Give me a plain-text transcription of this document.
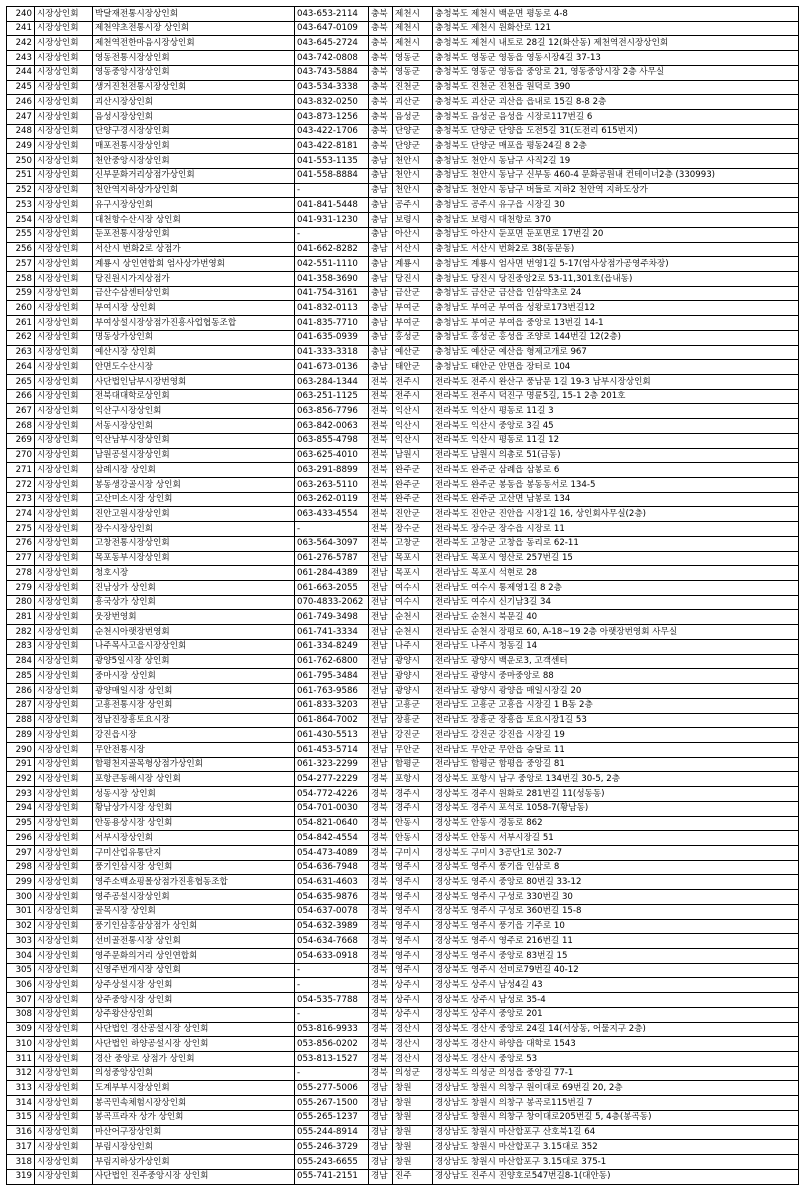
240	시장상인회	박달재전통시장상인회	043-653-2114	충북	제천시	충청북도 제천시 백운면 평동로 4-8
241	시장상인회	제천약초전통시장 상인회	043-647-0109	충북	제천시	충청북도 제천시 원화산로 121
242	시장상인회	제천역전한마음시장상인회	043-645-2724	충북	제천시	충청북도 제천시 내토로 28길 12(화산동) 제천역전시장상인회
243	시장상인회	영동전통시장상인회	043-742-0808	충북	영동군	충청북도 영동군 영동읍 영동시장4길 37-13
244	시장상인회	영동중앙시장상인회	043-743-5884	충북	영동군	충청북도 영동군 영동읍 중앙로 21, 영동중앙시장 2층 사무실
245	시장상인회	생거진천전통시장상인회	043-534-3338	충북	진천군	충청북도 진천군 진천읍 원덕로 390
246	시장상인회	괴산시장상인회	043-832-0250	충북	괴산군	충청북도 괴산군 괴산읍 읍내로 15길 8-8 2층
247	시장상인회	음성시장상인회	043-873-1256	충북	음성군	충청북도 음성군 음성읍 시장로117번길 6
248	시장상인회	단양구경시장상인회	043-422-1706	충북	단양군	충청북도 단양군 단양읍 도전5길 31(도전리 615번지)
249	시장상인회	매포전통시장상인회	043-422-8181	충북	단양군	충청북도 단양군 매포읍 평동24길 8 2층
250	시장상인회	천안중앙시장상인회	041-553-1135	충남	천안시	충청남도 천안시 동남구 사직2길 19
251	시장상인회	신부문화거리상점가상인회	041-558-8884	충남	천안시	충청남도 천안시 동남구 신부동 460-4 문화공원내 컨테이너2층 (330993)
252	시장상인회	천안역지하상가상인회	-	충남	천안시	충청남도 천안시 동남구 버들로 지하2 천안역 지하도상가
253	시장상인회	유구시장상인회	041-841-5448	충남	공주시	충청남도 공주시 유구읍 시장길 30
254	시장상인회	대천항수산시장 상인회	041-931-1230	충남	보령시	충청남도 보령시 대천항로 370
255	시장상인회	둔포전통시장상인회	-	충남	아산시	충청남도 아산시 둔포면 둔포면로 17번길 20
256	시장상인회	서산시 번화2로 상점가	041-662-8282	충남	서산시	충청남도 서산시 번화2로 38(동문동)
257	시장상인회	계룡시 상인연합회 엄사상가번영회	042-551-1110	충남	계룡시	충청남도 계룡시 엄사면 번영1길 5-17(엄사상점가공영주차장)
258	시장상인회	당진원시가지상점가	041-358-3690	충남	당진시	충청남도 당진시 당진중앙2로 53-11,301호(읍내동)
259	시장상인회	금산수삼센터상인회	041-754-3161	충남	금산군	충청남도 금산군 금산읍 인삼약초로 24
260	시장상인회	부여시장 상인회	041-832-0113	충남	부여군	충청남도 부여군 부여읍 성왕로173번길12
261	시장상인회	부여상설시장상점가진흥사업협동조합	041-835-7710	충남	부여군	충청남도 부여군 부여읍 중앙로 13번길 14-1
262	시장상인회	명동상가상인회	041-635-0939	충남	홍성군	충청남도 홍성군 홍성읍 조양로 144번길 12(2층)
263	시장상인회	예산시장 상인회	041-333-3318	충남	예산군	충청남도 예산군 예산읍 형제고개로 967
264	시장상인회	안면도수산시장	041-673-0136	충남	태안군	충청남도 태안군 안면읍 장터로 104
265	시장상인회	사단법인남부시장번영회	063-284-1344	전북	전주시	전라북도 전주시 완산구 풍남문 1길 19-3 남부시장상인회
266	시장상인회	전북대대학로상인회	063-251-1125	전북	전주시	전라북도 전주시 덕진구 명륜5길, 15-1 2층 201호
267	시장상인회	익산구시장상인회	063-856-7796	전북	익산시	전라북도 익산시 평동로 11길 3
268	시장상인회	서동시장상인회	063-842-0063	전북	익산시	전라북도 익산시 중앙로 3길 45
269	시장상인회	익산남부시장상인회	063-855-4798	전북	익산시	전라북도 익산시 평동로 11길 12
270	시장상인회	남원공설시장상인회	063-625-4010	전북	남원시	전라북도 남원시 의총로 51(금동)
271	시장상인회	삼례시장 상인회	063-291-8899	전북	완주군	전라북도 완주군 삼례읍 삼봉로 6
272	시장상인회	봉동생강골시장 상인회	063-263-5110	전북	완주군	전라북도 완주군 봉동읍 봉동동서로 134-5
273	시장상인회	고산미소시장 상인회	063-262-0119	전북	완주군	전라북도 완주군 고산면 남봉로 134
274	시장상인회	진안고원시장상인회	063-433-4554	전북	진안군	전라북도 진안군 진안읍 시장1길 16, 상인회사무실(2층)
275	시장상인회	장수시장상인회	-	전북	장수군	전라북도 장수군 장수읍 시장로 11
276	시장상인회	고창전통시장상인회	063-564-3097	전북	고창군	전라북도 고창군 고창읍 동리로 62-11
277	시장상인회	목포동부시장상인회	061-276-5787	전남	목포시	전라남도 목포시 영산로 257번길 15
278	시장상인회	청호시장	061-284-4389	전남	목포시	전라남도 목포시 석현로 28
279	시장상인회	진남상가 상인회	061-663-2055	전남	여수시	전라남도 여수시 통제영1길 8 2층
280	시장상인회	흥국상가 상인회	070-4833-2062	전남	여수시	전라남도 여수시 신기남3길 34
281	시장상인회	웃장번영회	061-749-3498	전남	순천시	전라남도 순천시 북문길 40
282	시장상인회	순천시아랫장번영회	061-741-3334	전남	순천시	전라남도 순천시 장평로 60, A-18~19 2층 아랫장번영회 사무실
283	시장상인회	나주목사고을시장상인회	061-334-8249	전남	나주시	전라남도 나주시 청동길 14
284	시장상인회	광양5일시장 상인회	061-762-6800	전남	광양시	전라남도 광양시 백운로3, 고객센터
285	시장상인회	중마시장 상인회	061-795-3484	전남	광양시	전라남도 광양시 중마중앙로 88
286	시장상인회	광양매일시장 상인회	061-763-9586	전남	광양시	전라남도 광양시 광양읍 매일시장길 20
287	시장상인회	고흥전통시장 상인회	061-833-3203	전남	고흥군	전라남도 고흥군 고흥읍 시장길 1 B동 2층
288	시장상인회	정남진장흥토요시장	061-864-7002	전남	장흥군	전라남도 장흥군 장흥읍 토요시장1길 53
289	시장상인회	강진읍시장	061-430-5513	전남	강진군	전라남도 강진군 강진읍 시장길 19
290	시장상인회	무안전통시장	061-453-5714	전남	무안군	전라남도 무안군 무안읍 승달로 11
291	시장상인회	함평천지골목형상점가상인회	061-323-2299	전남	함평군	전라남도 함평군 함평읍 중앙길 81
292	시장상인회	포항큰동해시장 상인회	054-277-2229	경북	포항시	경상북도 포항시 남구 중앙로 134번길 30-5, 2층
293	시장상인회	성동시장 상인회	054-772-4226	경북	경주시	경상북도 경주시 원화로 281번길 11(성동동)
294	시장상인회	황남상가시장 상인회	054-701-0030	경북	경주시	경상북도 경주시 포석로 1058-7(황남동)
295	시장상인회	안동용상시장 상인회	054-821-0640	경북	안동시	경상북도 안동시 경동로 862
296	시장상인회	서부시장상인회	054-842-4554	경북	안동시	경상북도 안동시 서부시장길 51
297	시장상인회	구미산업유통단지	054-473-4089	경북	구미시	경상북도 구미시 3공단1로 302-7
298	시장상인회	풍기인삼시장 상인회	054-636-7948	경북	영주시	경상북도 영주시 풍기읍 인삼로 8
299	시장상인회	영주소백쇼핑몰상점가진흥협동조합	054-631-4603	경북	영주시	경상북도 영주시 중앙로 80번길 33-12
300	시장상인회	영주공설시장상인회	054-635-9876	경북	영주시	경상북도 영주시 구성로 330번길 30
301	시장상인회	골목시장 상인회	054-637-0078	경북	영주시	경상북도 영주시 구성로 360번길 15-8
302	시장상인회	풍기인삼홍삼상점가 상인회	054-632-3989	경북	영주시	경상북도 영주시 풍기읍 기주로 10
303	시장상인회	선비골전통시장 상인회	054-634-7668	경북	영주시	경상북도 영주시 영주로 216번길 11
304	시장상인회	영주문화의거리 상인연합회	054-633-0918	경북	영주시	경상북도 영주시 중앙로 83번길 15
305	시장상인회	신영주번개시장 상인회	-	경북	영주시	경상북도 영주시 선비로79번길 40-12
306	시장상인회	상주상설시장 상인회	-	경북	상주시	경상북도 상주시 남성4길 43
307	시장상인회	상주중앙시장 상인회	054-535-7788	경북	상주시	경상북도 상주시 남성로 35-4
308	시장상인회	상주왕산상인회	-	경북	상주시	경상북도 상주시 중앙로 201
309	시장상인회	사단법인 경산공설시장 상인회	053-816-9933	경북	경산시	경상북도 경산시 중앙로 24길 14(서상동, 어물지구 2층)
310	시장상인회	사단법인 하양공설시장 상인회	053-856-0202	경북	경산시	경상북도 경산시 하양읍 대학로 1543
311	시장상인회	경산 중앙로 상점가 상인회	053-813-1527	경북	경산시	경상북도 경산시 중앙로 53
312	시장상인회	의성중앙상인회	-	경북	의성군	경상북도 의성군 의성읍 중앙길 77-1
313	시장상인회	도계부부시장상인회	055-277-5006	경남	창원	경상남도 창원시 의창구 원이대로 69번길 20, 2층
314	시장상인회	봉곡민속체험시장상인회	055-267-1500	경남	창원	경상남도 창원시 의창구 봉곡로115번길 7
315	시장상인회	봉곡프라자 상가 상인회	055-265-1237	경남	창원	경상남도 창원시 의창구 창이대로205번길 5, 4층(봉곡동)
316	시장상인회	마산어구장상인회	055-244-8914	경남	창원	경상남도 창원시 마산합포구 산호북1길 64
317	시장상인회	부림시장상인회	055-246-3729	경남	창원	경상남도 창원시 마산합포구 3.15대로 352
318	시장상인회	부림지하상가상인회	055-243-6655	경남	창원	경상남도 창원시 마산합포구 3.15대로 375-1
319	시장상인회	사단법인 진주중앙시장 상인회	055-741-2151	경남	진주	경상남도 진주시 진양호로547번길8-1(대안동)
